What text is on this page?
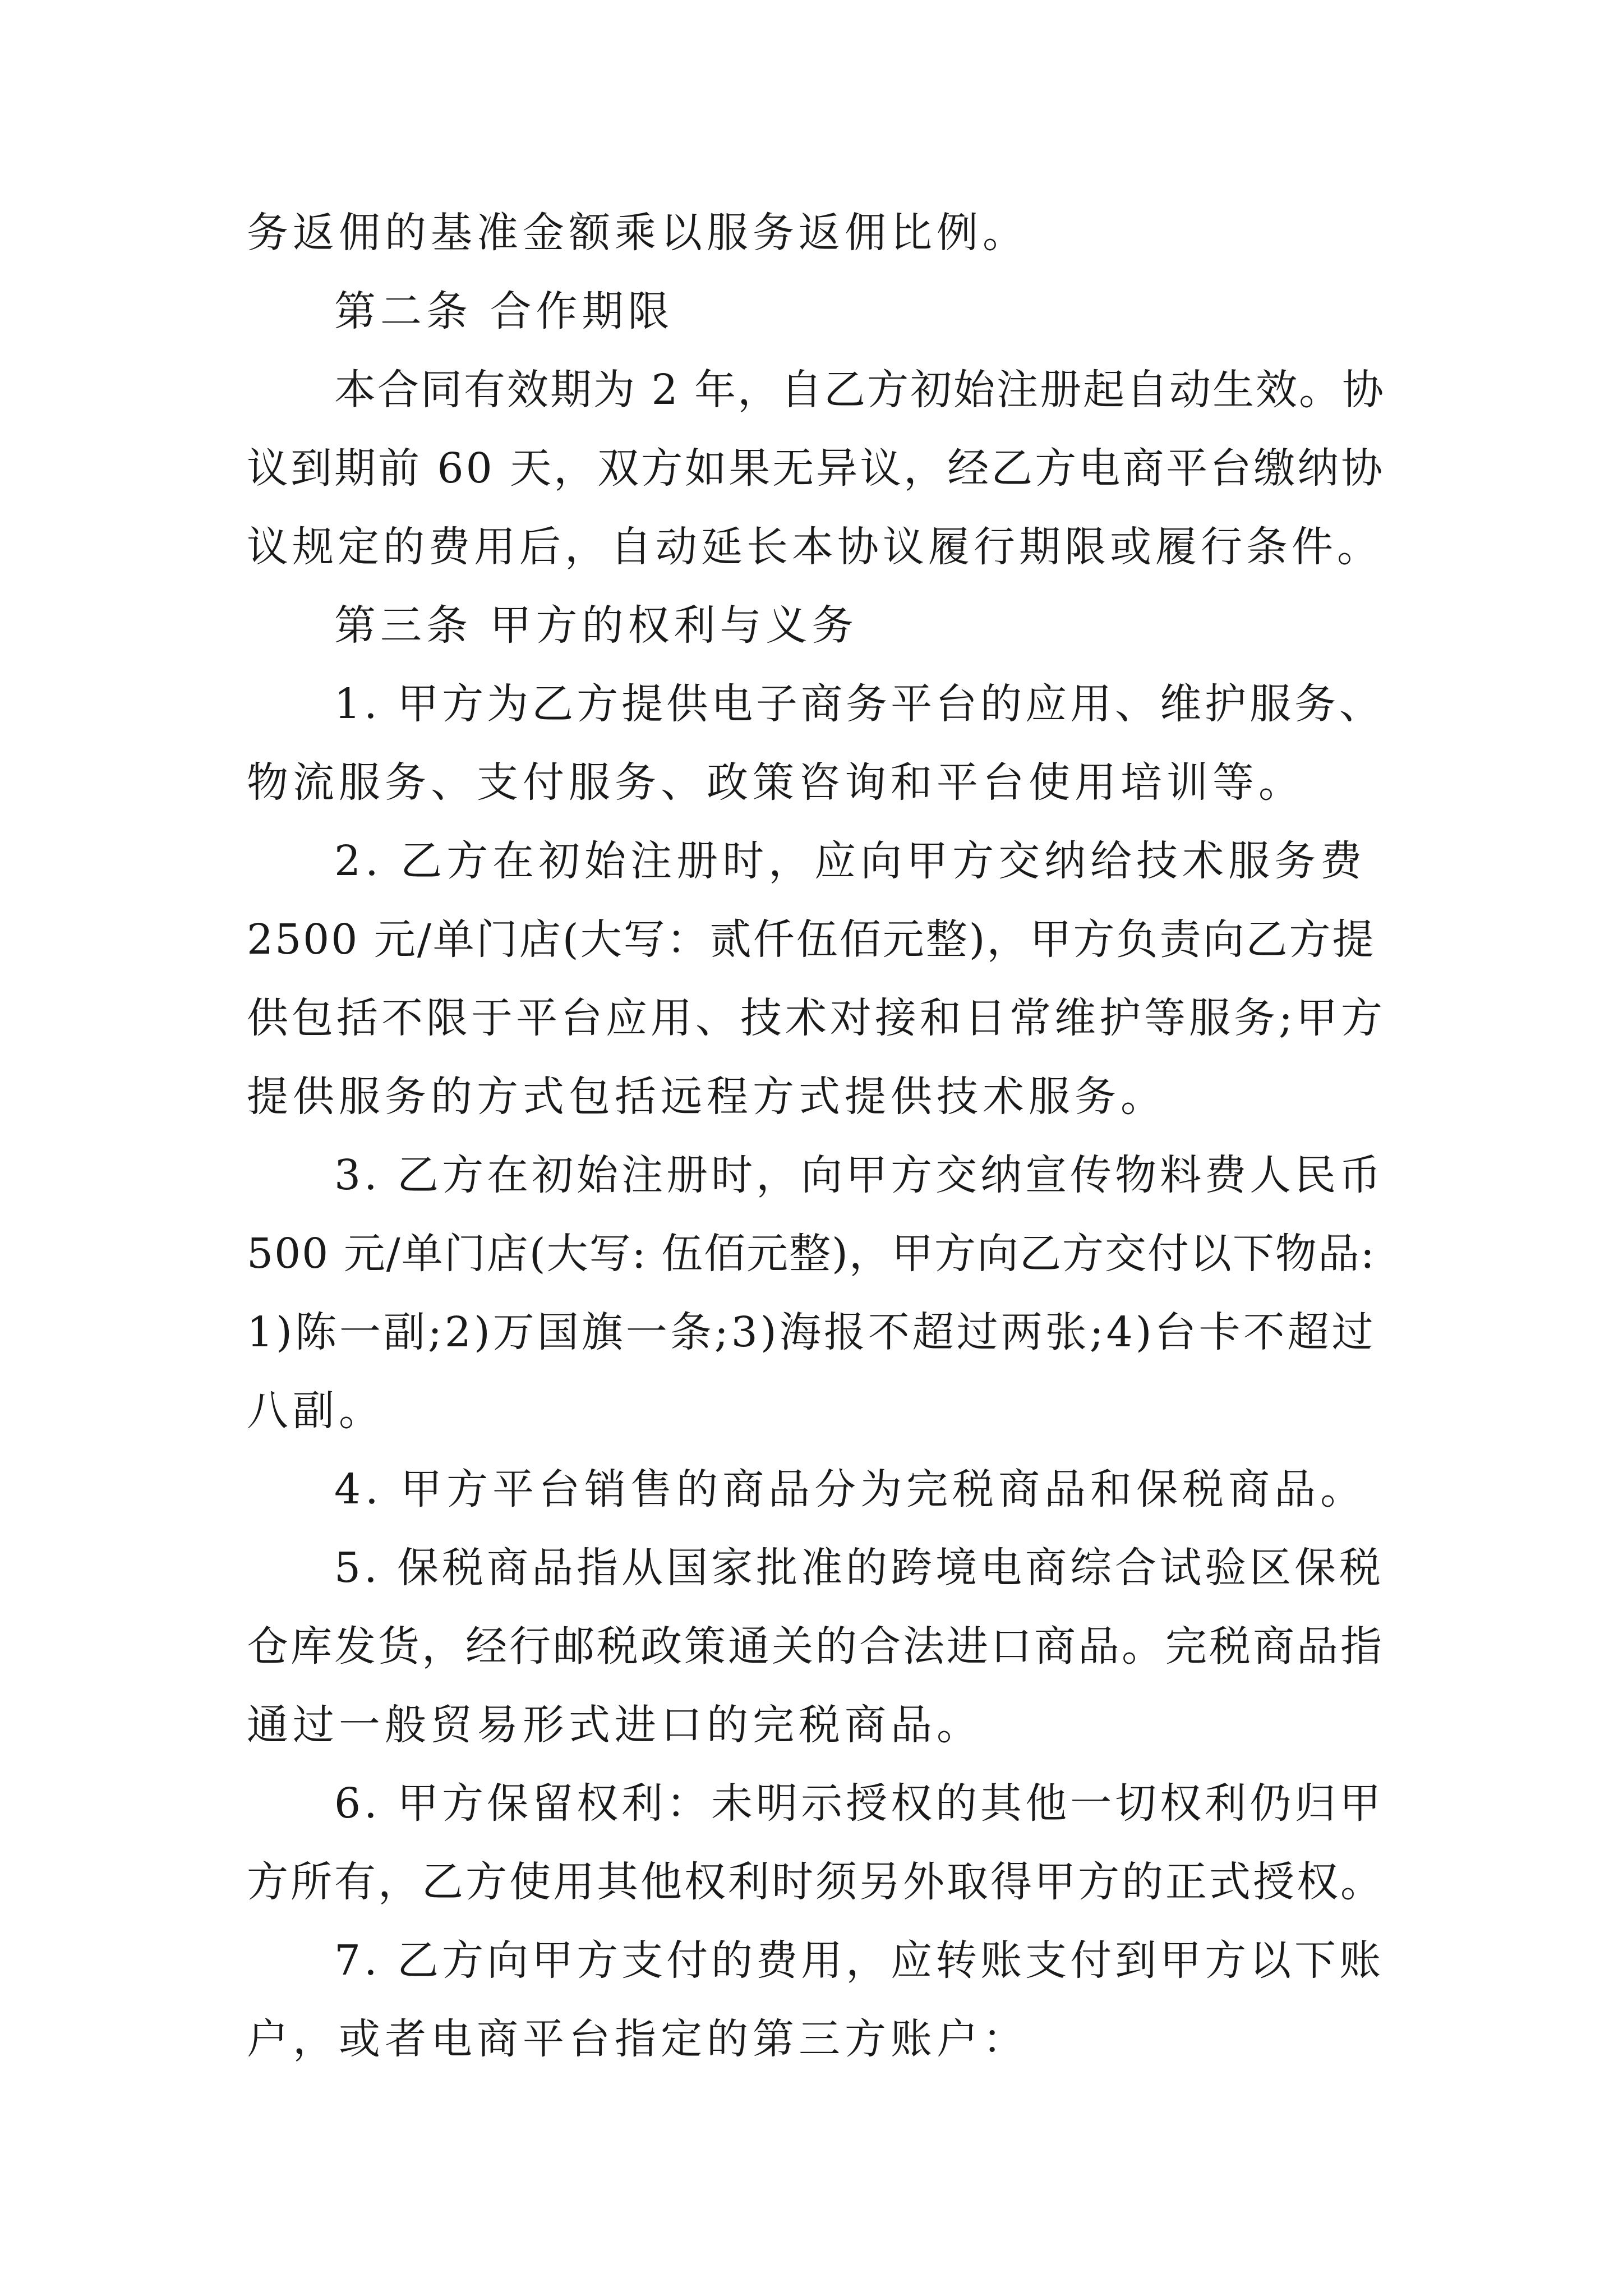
务返佣的基准金额乘以服务返佣比例。
第二条 合作期限
本合同有效期为 2 年，自乙方初始注册起自动生效。协
议到期前 60 天，双方如果无异议，经乙方电商平台缴纳协
议规定的费用后，自动延长本协议履行期限或履行条件。
第三条 甲方的权利与义务
1. 甲方为乙方提供电子商务平台的应用、维护服务、
物流服务、支付服务、政策咨询和平台使用培训等。
2. 乙方在初始注册时，应向甲方交纳给技术服务费
2500 元/单门店(大写：贰仟伍佰元整)，甲方负责向乙方提
供包括不限于平台应用、技术对接和日常维护等服务;甲方
提供服务的方式包括远程方式提供技术服务。
3. 乙方在初始注册时，向甲方交纳宣传物料费人民币
500 元/单门店(大写: 伍佰元整)，甲方向乙方交付以下物品:
1)陈一副;2)万国旗一条;3)海报不超过两张;4)台卡不超过
八副。
4. 甲方平台销售的商品分为完税商品和保税商品。
5. 保税商品指从国家批准的跨境电商综合试验区保税
仓库发货，经行邮税政策通关的合法进口商品。完税商品指
通过一般贸易形式进口的完税商品。
6. 甲方保留权利：未明示授权的其他一切权利仍归甲
方所有，乙方使用其他权利时须另外取得甲方的正式授权。
7. 乙方向甲方支付的费用，应转账支付到甲方以下账
户，或者电商平台指定的第三方账户：
